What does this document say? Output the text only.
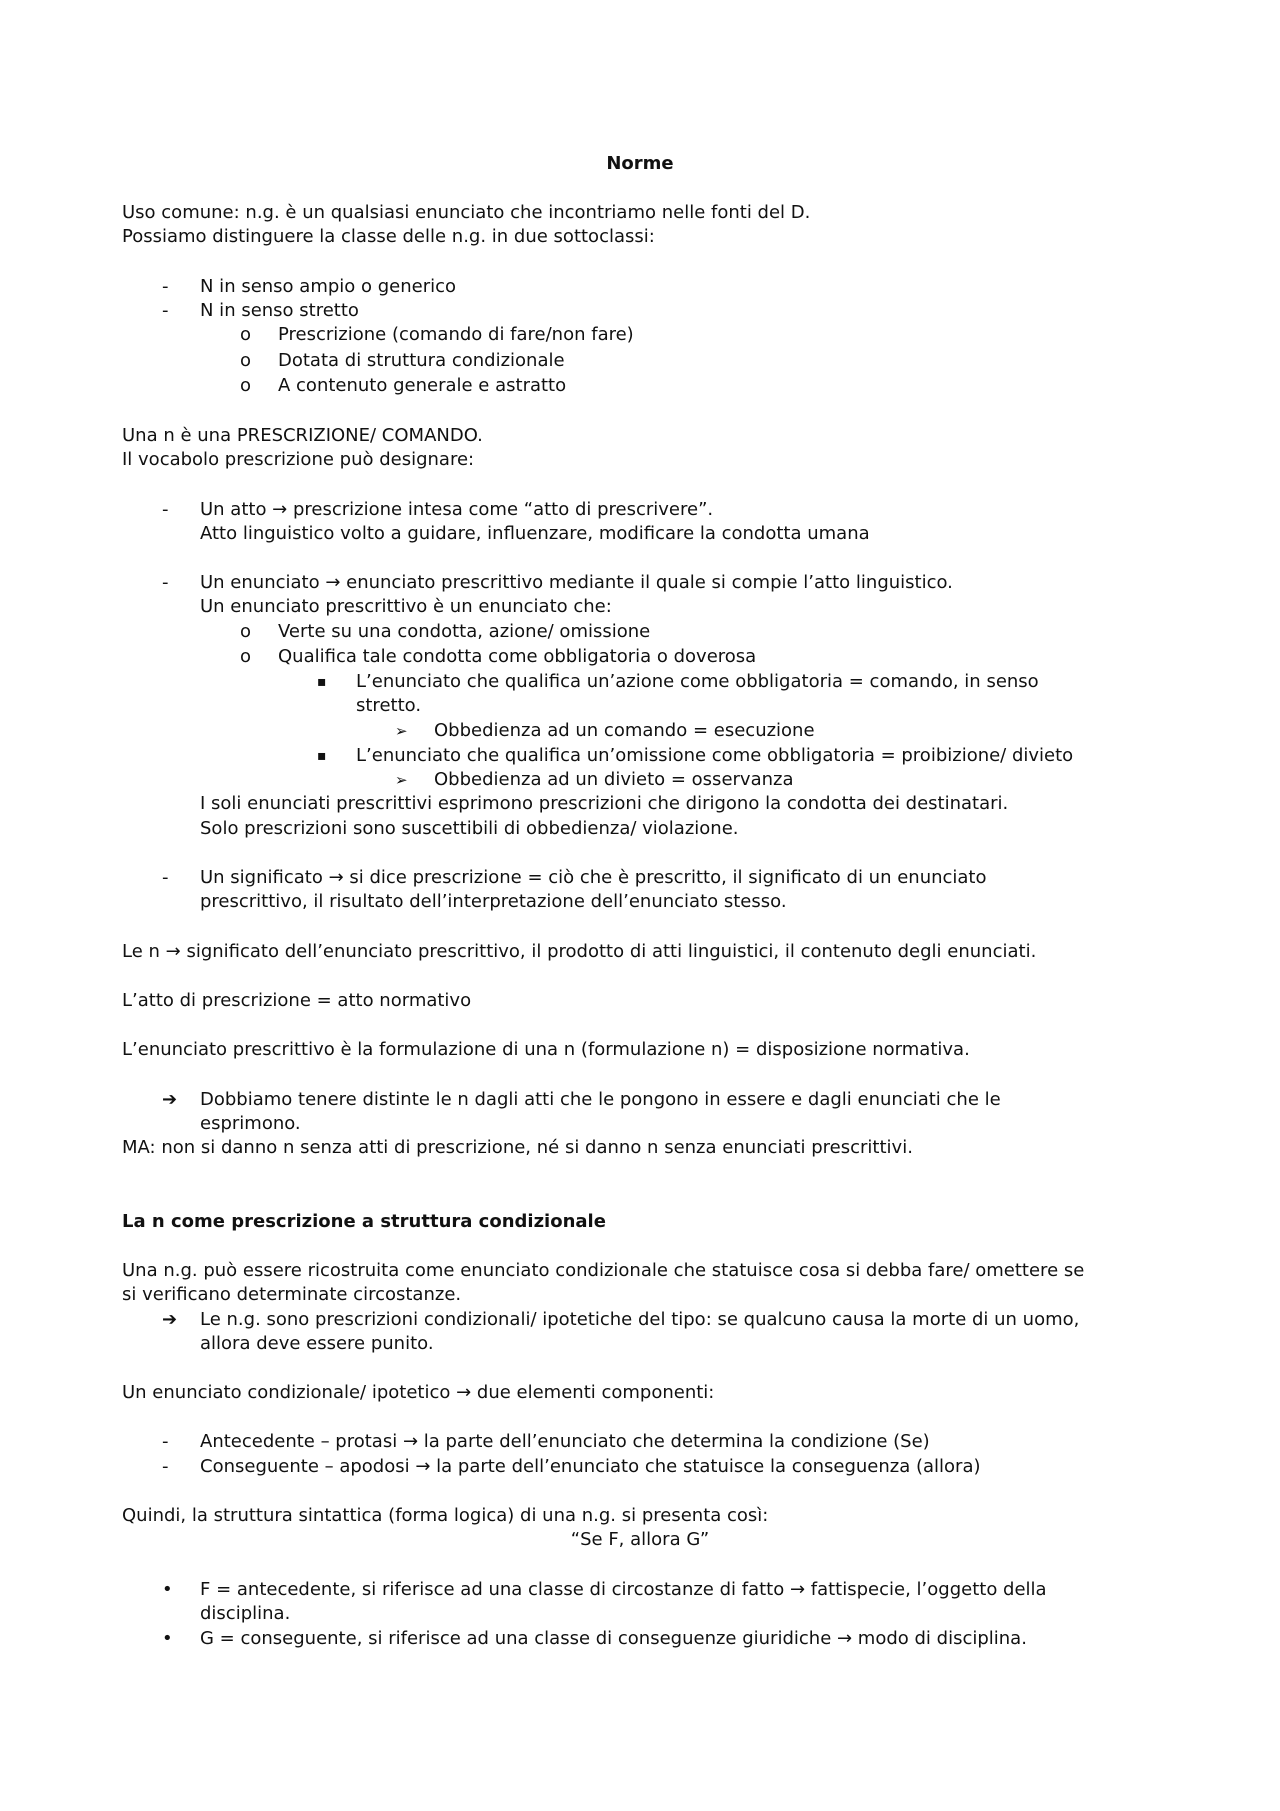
Norme

Uso comune: n.g. è un qualsiasi enunciato che incontriamo nelle fonti del D.

Possiamo distinguere la classe delle n.g. in due sottoclassi:

- N in senso ampio o generico

- N in senso stretto

o Prescrizione (comando di fare/non fare)

o Dotata di struttura condizionale

o A contenuto generale e astratto

Una n è una PRESCRIZIONE/ COMANDO.

Il vocabolo prescrizione può designare:

- Un atto → prescrizione intesa come “atto di prescrivere”.

Atto linguistico volto a guidare, influenzare, modificare la condotta umana

- Un enunciato → enunciato prescrittivo mediante il quale si compie l’atto linguistico.

Un enunciato prescrittivo è un enunciato che:

o Verte su una condotta, azione/ omissione

o Qualifica tale condotta come obbligatoria o doverosa

▪ L’enunciato che qualifica un’azione come obbligatoria = comando, in senso

stretto.

➢ Obbedienza ad un comando = esecuzione

▪ L’enunciato che qualifica un’omissione come obbligatoria = proibizione/ divieto

➢ Obbedienza ad un divieto = osservanza

I soli enunciati prescrittivi esprimono prescrizioni che dirigono la condotta dei destinatari.

Solo prescrizioni sono suscettibili di obbedienza/ violazione.

- Un significato → si dice prescrizione = ciò che è prescritto, il significato di un enunciato

prescrittivo, il risultato dell’interpretazione dell’enunciato stesso.

Le n → significato dell’enunciato prescrittivo, il prodotto di atti linguistici, il contenuto degli enunciati.

L’atto di prescrizione = atto normativo

L’enunciato prescrittivo è la formulazione di una n (formulazione n) = disposizione normativa.

➔ Dobbiamo tenere distinte le n dagli atti che le pongono in essere e dagli enunciati che le

esprimono.

MA: non si danno n senza atti di prescrizione, né si danno n senza enunciati prescrittivi.

La n come prescrizione a struttura condizionale

Una n.g. può essere ricostruita come enunciato condizionale che statuisce cosa si debba fare/ omettere se

si verificano determinate circostanze.

➔ Le n.g. sono prescrizioni condizionali/ ipotetiche del tipo: se qualcuno causa la morte di un uomo,

allora deve essere punito.

Un enunciato condizionale/ ipotetico → due elementi componenti:

- Antecedente – protasi → la parte dell’enunciato che determina la condizione (Se)

- Conseguente – apodosi → la parte dell’enunciato che statuisce la conseguenza (allora)

Quindi, la struttura sintattica (forma logica) di una n.g. si presenta così:

“Se F, allora G”

• F = antecedente, si riferisce ad una classe di circostanze di fatto → fattispecie, l’oggetto della

disciplina.

• G = conseguente, si riferisce ad una classe di conseguenze giuridiche → modo di disciplina.
